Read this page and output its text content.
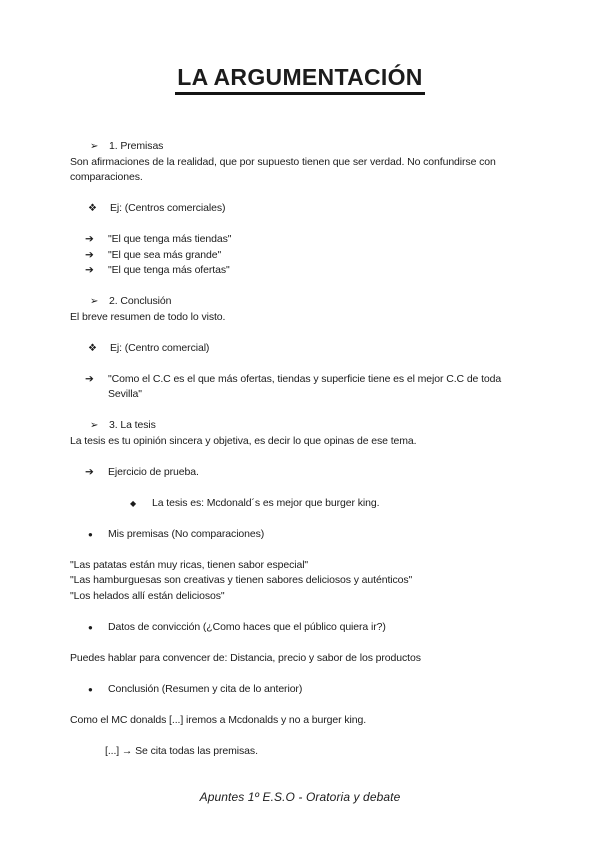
LA ARGUMENTACIÓN
➢	1. Premisas
Son afirmaciones de la realidad, que por supuesto tienen que ser verdad. No confundirse con comparaciones.
❖	Ej: (Centros comerciales)
➔	"El que tenga más tiendas"
➔	"El que sea más grande"
➔	"El que tenga más ofertas"
➢	2. Conclusión
El breve resumen de todo lo visto.
❖	Ej: (Centro comercial)
➔	"Como el C.C es el que más ofertas, tiendas y superficie tiene es el mejor C.C de toda Sevilla"
➢	3. La tesis
La tesis es tu opinión sincera y objetiva, es decir lo que opinas de ese tema.
➔	Ejercicio de prueba.
◆	La tesis es: Mcdonald´s es mejor que burger king.
●	Mis premisas (No comparaciones)
"Las patatas están muy ricas, tienen sabor especial"
"Las hamburguesas son creativas y tienen sabores deliciosos y auténticos"
"Los helados allí están deliciosos"
●	Datos de convicción (¿Como haces que el público quiera ir?)
Puedes hablar para convencer de: Distancia, precio y sabor de los productos
●	Conclusión (Resumen y cita de lo anterior)
Como el MC donalds [...] iremos a Mcdonalds y no a burger king.
[...] → Se cita todas las premisas.
Apuntes 1º E.S.O - Oratoria y debate
